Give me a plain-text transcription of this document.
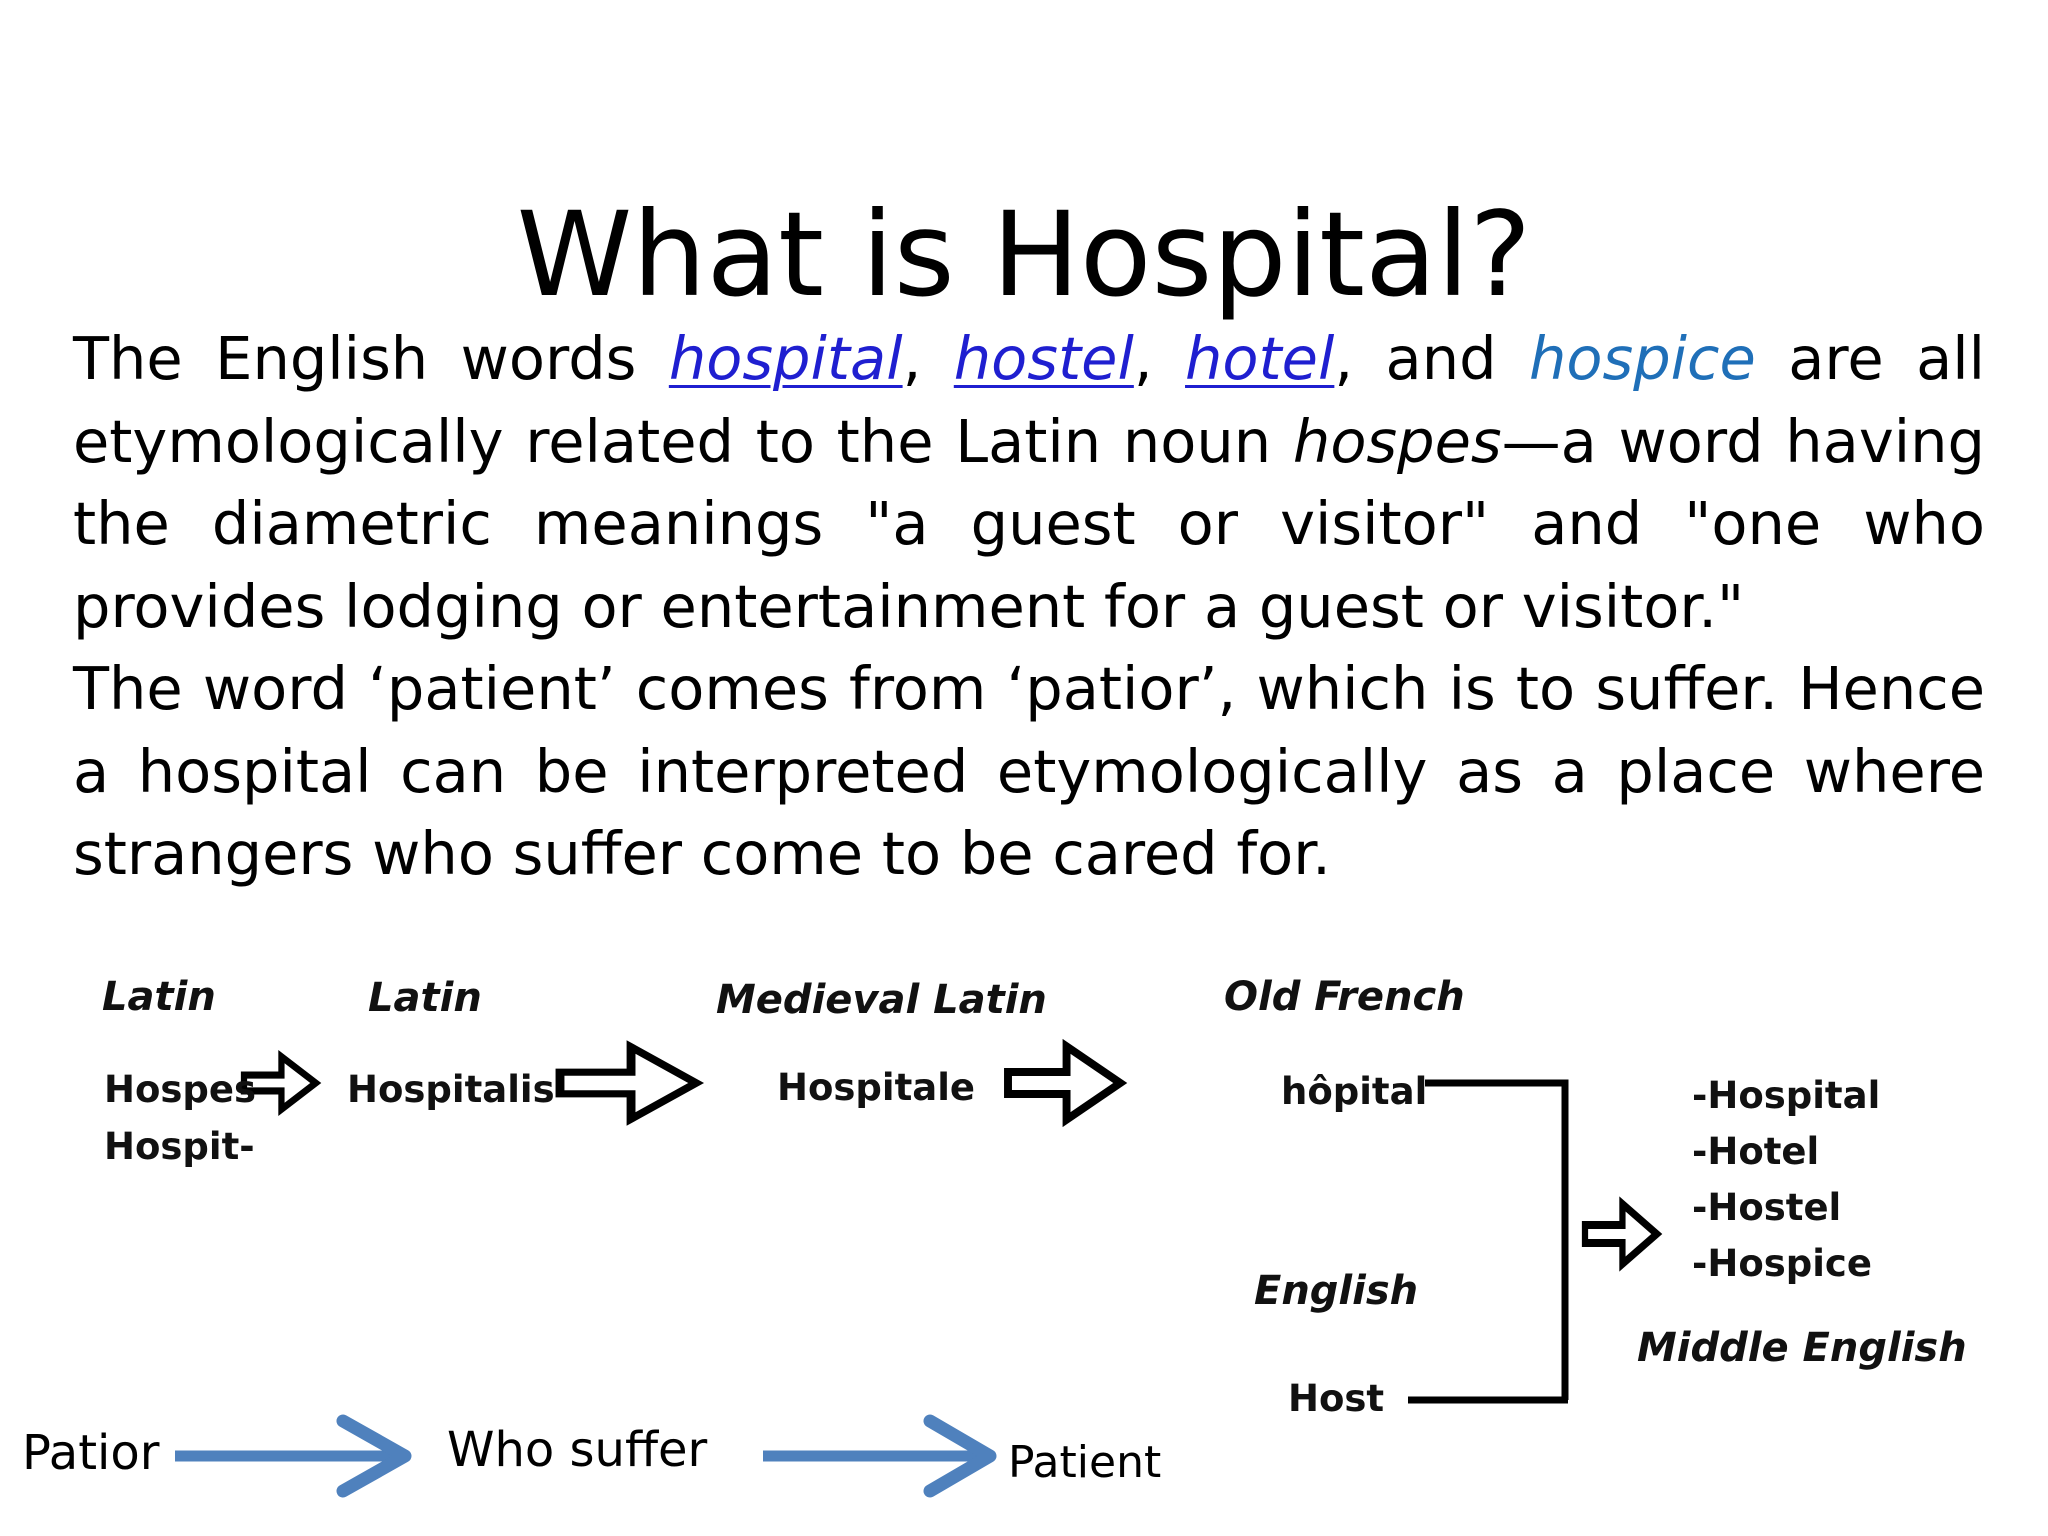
What is Hospital?

The English words hospital, hostel, hotel, and hospice are all etymologically related to the Latin noun hospes—a word having the diametric meanings "a guest or visitor" and "one who provides lodging or entertainment for a guest or visitor."

The word ‘patient’ comes from ‘patior’, which is to suffer. Hence a hospital can be interpreted etymologically as a place where strangers who suffer come to be cared for.

Latin	Latin	Medieval Latin	Old French
English
Middle English
Hospes
Hospit-
Hospitalis	Hospitale	hôpital
Host
-Hospital
-Hotel
-Hostel
-Hospice
Patior	Who suffer	Patient
